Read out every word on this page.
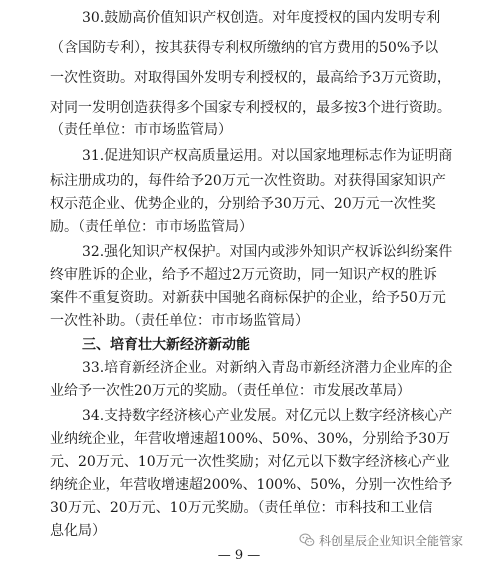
30.鼓励高价值知识产权创造。对年度授权的国内发明专利
（含国防专利），按其获得专利权所缴纳的官方费用的50%予以
一次性资助。对取得国外发明专利授权的，最高给予3万元资助，
对同一发明创造获得多个国家专利授权的，最多按3个进行资助。
（责任单位：市市场监管局）
31.促进知识产权高质量运用。对以国家地理标志作为证明商
标注册成功的，每件给予20万元一次性资助。对获得国家知识产
权示范企业、优势企业的，分别给予30万元、20万元一次性奖
励。（责任单位：市市场监管局）
32.强化知识产权保护。对国内或涉外知识产权诉讼纠纷案件
终审胜诉的企业，给予不超过2万元资助，同一知识产权的胜诉
案件不重复资助。对新获中国驰名商标保护的企业，给予50万元
一次性补助。（责任单位：市市场监管局）
三、培育壮大新经济新动能
33.培育新经济企业。对新纳入青岛市新经济潜力企业库的企
业给予一次性20万元的奖励。（责任单位：市发展改革局）
34.支持数字经济核心产业发展。对亿元以上数字经济核心产
业纳统企业，年营收增速超100%、50%、30%，分别给予30万
元、20万元、10万元一次性奖励；对亿元以下数字经济核心产业
纳统企业，年营收增速超200%、100%、50%，分别一次性给予
30万元、20万元、10万元奖励。（责任单位：市科技和工业信
息化局）
科创星辰企业知识全能管家
— 9 —
